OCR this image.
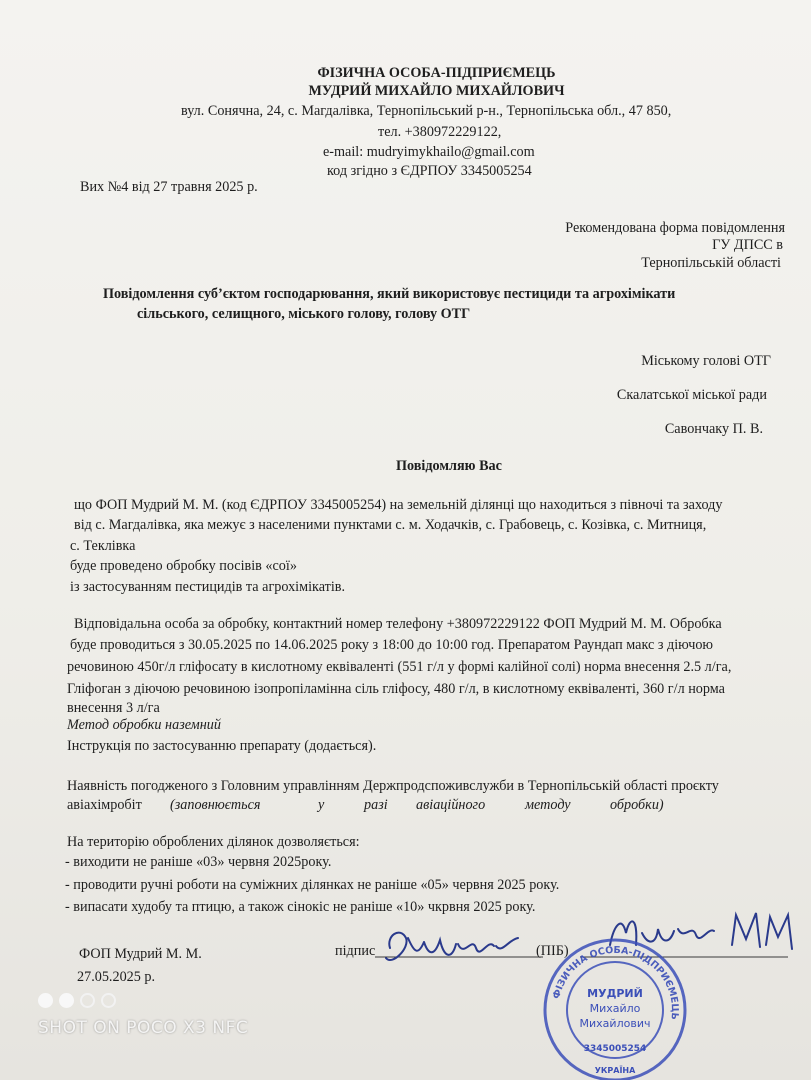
ФІЗИЧНА ОСОБА-ПІДПРИЄМЕЦЬ
МУДРИЙ МИХАЙЛО МИХАЙЛОВИЧ
вул. Сонячна, 24, с. Магдалівка, Тернопільський р-н., Тернопільська обл., 47 850,
тел. +380972229122,
e-mail: mudryimykhailo@gmail.com
код згідно з ЄДРПОУ 3345005254
Вих №4 від 27 травня 2025 р.
Рекомендована форма повідомлення
ГУ ДПСС в
Тернопільській області
Повідомлення суб’єктом господарювання, який використовує пестициди та агрохімікати
сільського, селищного, міського голову, голову ОТГ
Міському голові ОТГ
Скалатської міської ради
Савончаку П. В.
Повідомляю Вас
що ФОП Мудрий М. М. (код ЄДРПОУ 3345005254) на земельній ділянці що находиться з півночі та заходу
від с. Магдалівка, яка межує з населеними пунктами с. м. Ходачків, с. Грабовець, с. Козівка, с. Митниця,
с. Теклівка
буде проведено обробку посівів «сої»
із застосуванням пестицидів та агрохімікатів.
Відповідальна особа за обробку, контактний номер телефону +380972229122 ФОП Мудрий М. М. Обробка
буде проводиться з 30.05.2025 по 14.06.2025 року з 18:00 до 10:00 год. Препаратом Раундап макс з діючою
речовиною 450г/л гліфосату в кислотному еквіваленті (551 г/л у формі калійної солі) норма внесення 2.5 л/га,
Гліфоган з діючою речовиною ізопропіламінна сіль гліфосу, 480 г/л, в кислотному еквіваленті, 360 г/л норма
внесення 3 л/га
Метод обробки наземний
Інструкція по застосуванню препарату (додається).
Наявність погодженого з Головним управлінням Держпродспоживслужби в Тернопільській області проєкту
авіахімробіт (заповнюється	у	разі авіаційного	методу	обробки)
На територію оброблених ділянок дозволяється:
- виходити не раніше «03» червня 2025року.
- проводити ручні роботи на суміжних ділянках не раніше «05» червня 2025 року.
- випасати худобу та птицю, а також сінокіс не раніше «10» чкрвня 2025 року.
ФОП Мудрий М. М.
27.05.2025 р.
підпис	(ПІБ)
ФІЗИЧНА ОСОБА-ПІДПРИЄМЕЦЬ
МУДРИЙ
Михайло
Михайлович
3345005254
УКРАЇНА
SHOT ON POCO X3 NFC
